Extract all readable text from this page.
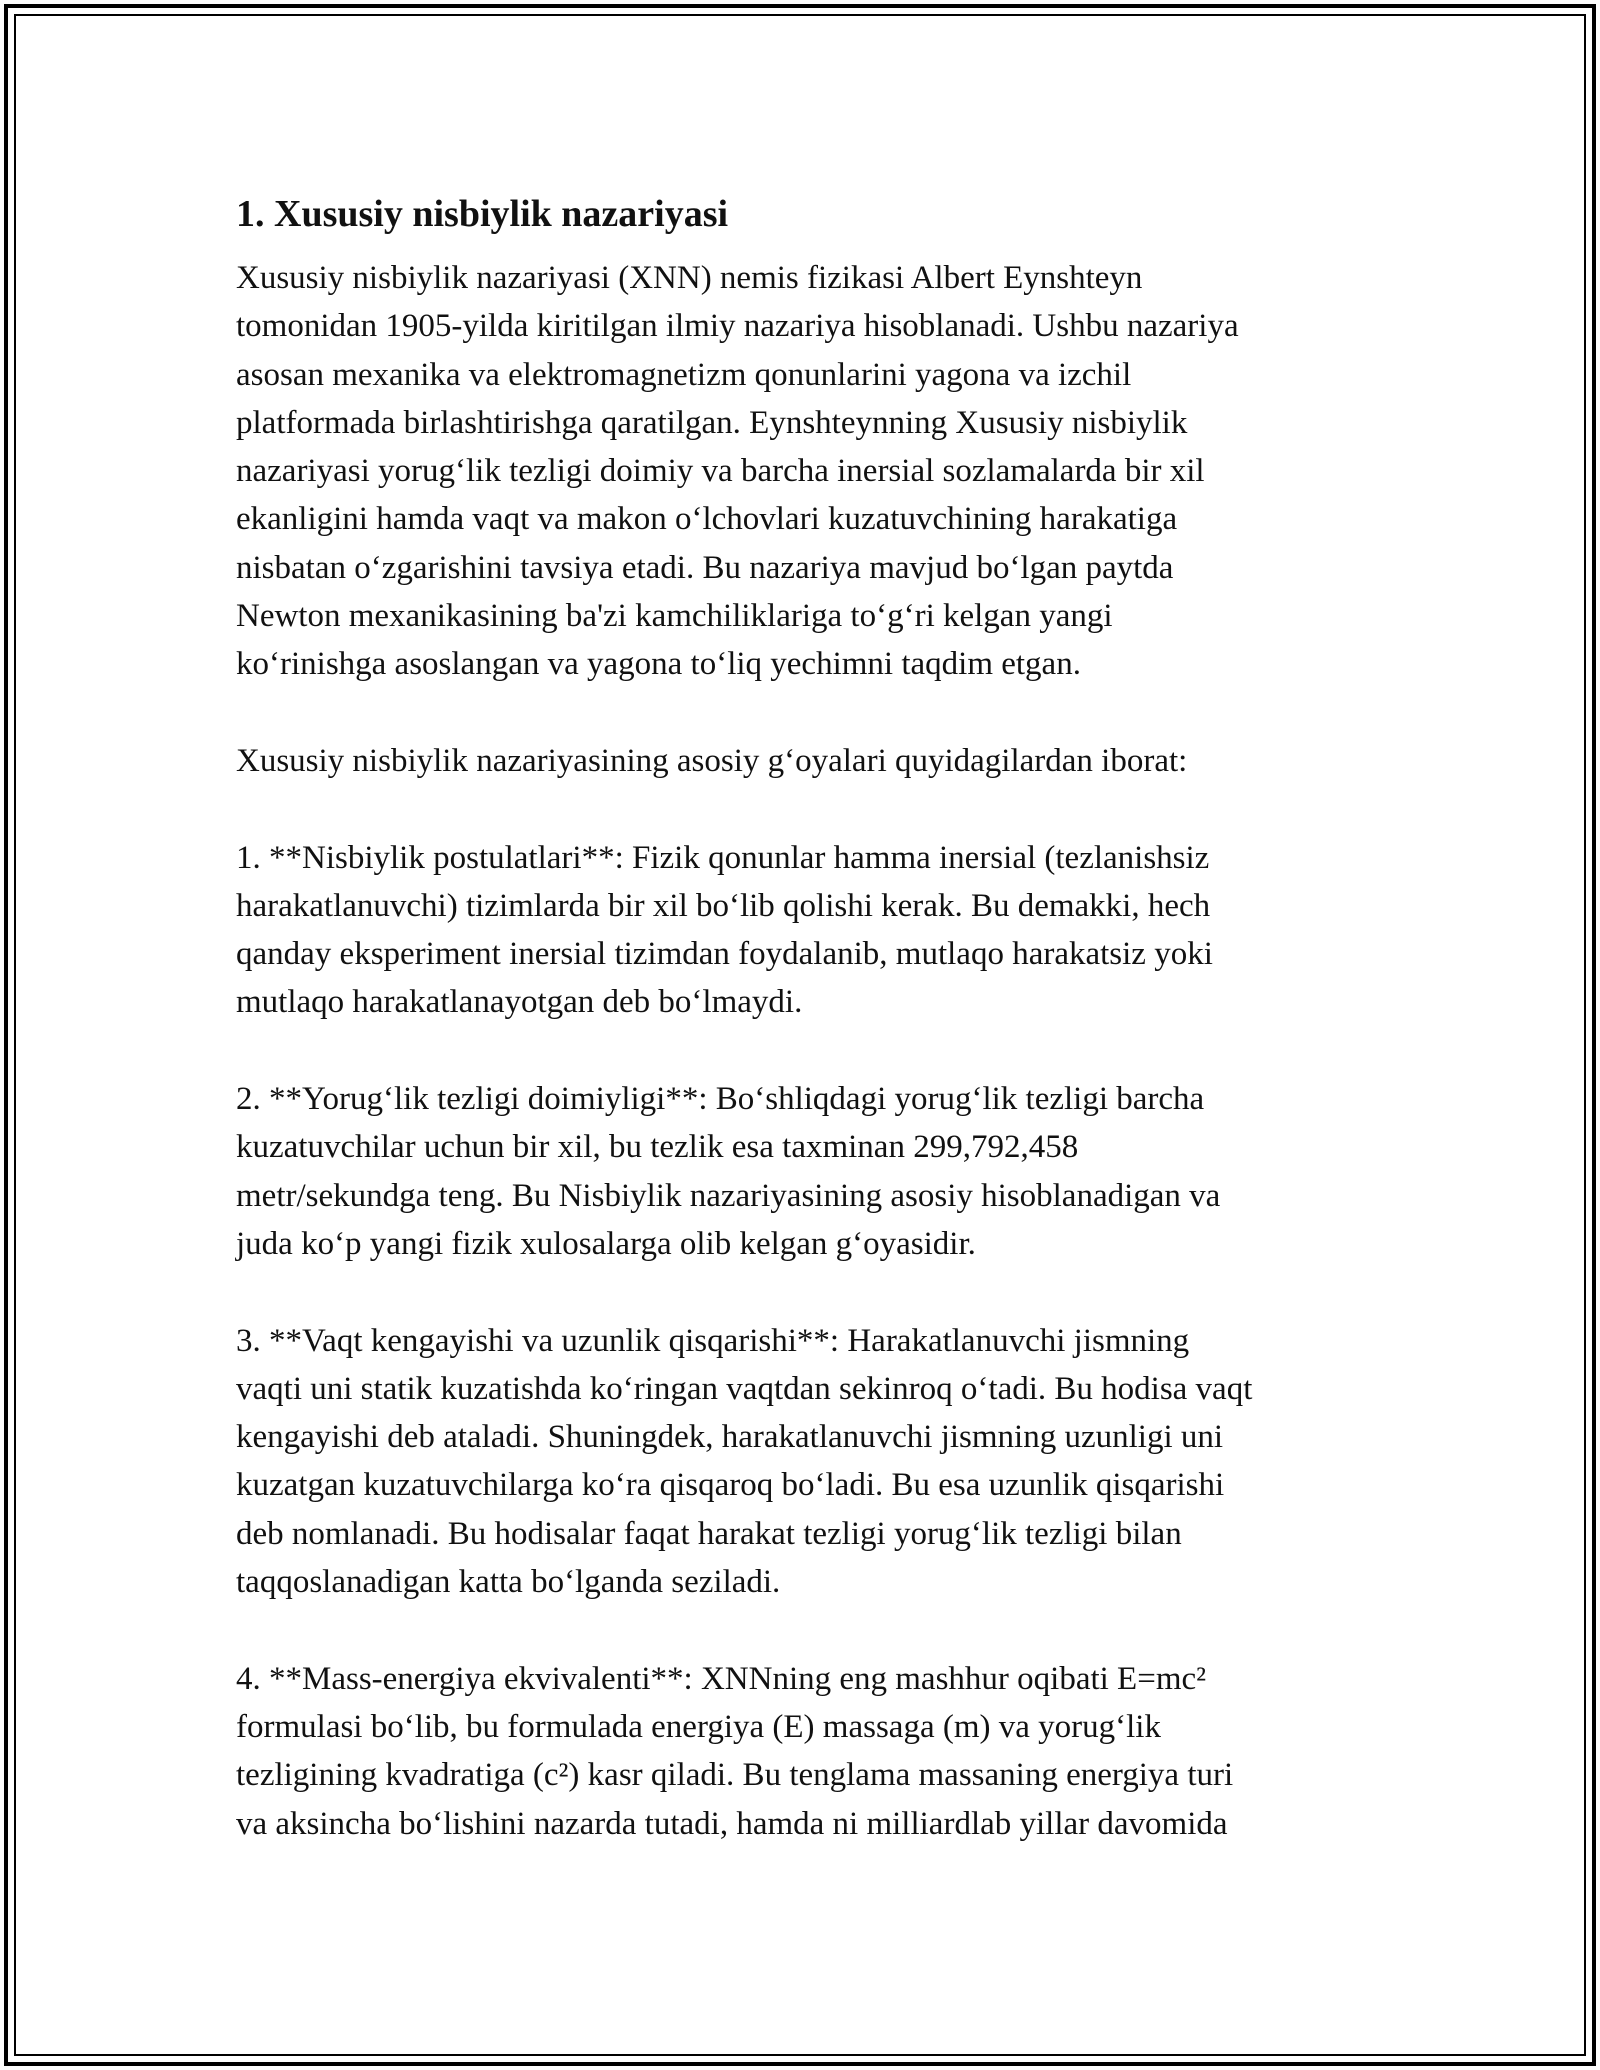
1. Xususiy nisbiylik nazariyasi
Xususiy nisbiylik nazariyasi (XNN) nemis fizikasi Albert Eynshteyn
tomonidan 1905-yilda kiritilgan ilmiy nazariya hisoblanadi. Ushbu nazariya
asosan mexanika va elektromagnetizm qonunlarini yagona va izchil
platformada birlashtirishga qaratilgan. Eynshteynning Xususiy nisbiylik
nazariyasi yorug‘lik tezligi doimiy va barcha inersial sozlamalarda bir xil
ekanligini hamda vaqt va makon o‘lchovlari kuzatuvchining harakatiga
nisbatan o‘zgarishini tavsiya etadi. Bu nazariya mavjud bo‘lgan paytda
Newton mexanikasining ba'zi kamchiliklariga to‘g‘ri kelgan yangi
ko‘rinishga asoslangan va yagona to‘liq yechimni taqdim etgan.
Xususiy nisbiylik nazariyasining asosiy g‘oyalari quyidagilardan iborat:
1. **Nisbiylik postulatlari**: Fizik qonunlar hamma inersial (tezlanishsiz
harakatlanuvchi) tizimlarda bir xil bo‘lib qolishi kerak. Bu demakki, hech
qanday eksperiment inersial tizimdan foydalanib, mutlaqo harakatsiz yoki
mutlaqo harakatlanayotgan deb bo‘lmaydi.
2. **Yorug‘lik tezligi doimiyligi**: Bo‘shliqdagi yorug‘lik tezligi barcha
kuzatuvchilar uchun bir xil, bu tezlik esa taxminan 299,792,458
metr/sekundga teng. Bu Nisbiylik nazariyasining asosiy hisoblanadigan va
juda ko‘p yangi fizik xulosalarga olib kelgan g‘oyasidir.
3. **Vaqt kengayishi va uzunlik qisqarishi**: Harakatlanuvchi jismning
vaqti uni statik kuzatishda ko‘ringan vaqtdan sekinroq o‘tadi. Bu hodisa vaqt
kengayishi deb ataladi. Shuningdek, harakatlanuvchi jismning uzunligi uni
kuzatgan kuzatuvchilarga ko‘ra qisqaroq bo‘ladi. Bu esa uzunlik qisqarishi
deb nomlanadi. Bu hodisalar faqat harakat tezligi yorug‘lik tezligi bilan
taqqoslanadigan katta bo‘lganda seziladi.
4. **Mass-energiya ekvivalenti**: XNNning eng mashhur oqibati E=mc²
formulasi bo‘lib, bu formulada energiya (E) massaga (m) va yorug‘lik
tezligining kvadratiga (c²) kasr qiladi. Bu tenglama massaning energiya turi
va aksincha bo‘lishini nazarda tutadi, hamda ni milliardlab yillar davomida
